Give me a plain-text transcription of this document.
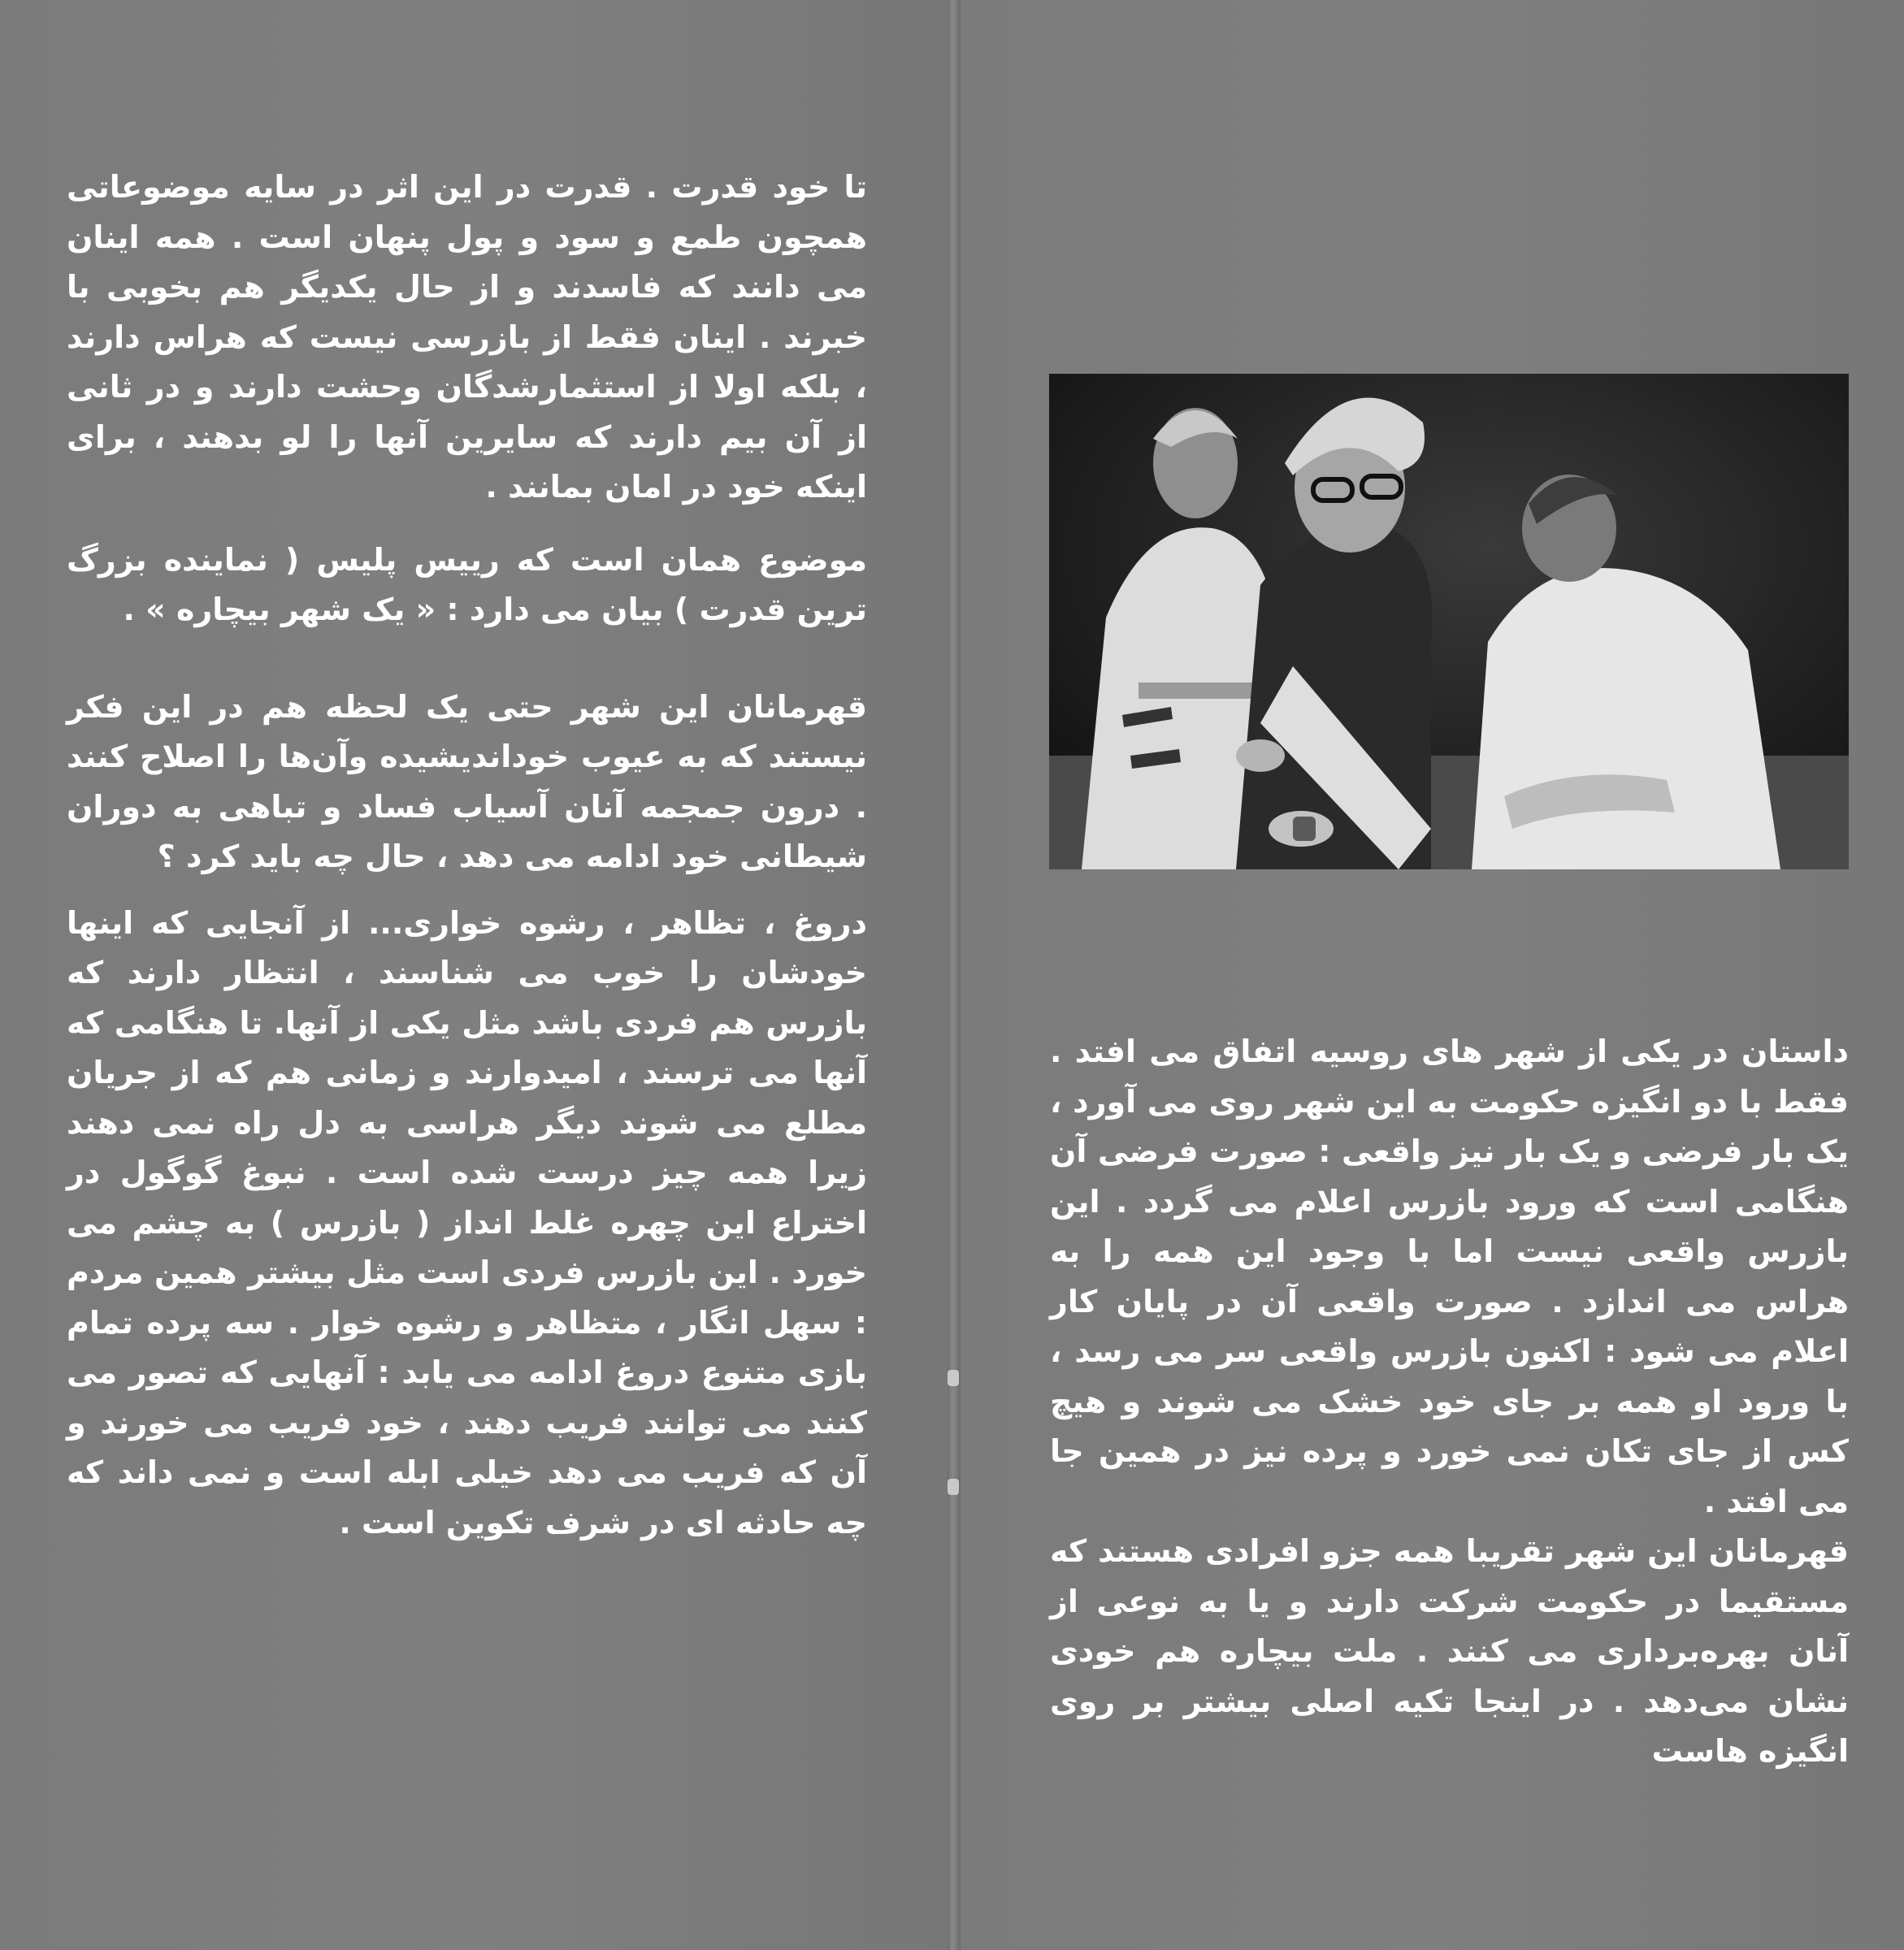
تا خود قدرت . قدرت در این اثر در سایه موضوعاتی همچون طمع و سود و پول پنهان است . همه اینان می دانند که فاسدند و از حال یکدیگر هم بخوبی با خبرند . اینان فقط از بازرسی نیست که هراس دارند ، بلکه اولا از استثمارشدگان وحشت دارند و در ثانی از آن بیم دارند که سایرین آنها را لو بدهند ، برای اینکه خود در امان بمانند .

موضوع همان است که رییس پلیس ( نماینده بزرگ ترین قدرت ) بیان می دارد : « یک شهر بیچاره » .

قهرمانان این شهر حتی یک لحظه هم در این فکر نیستند که به عیوب خوداندیشیده وآن‌ها را اصلاح کنند . درون جمجمه آنان آسیاب فساد و تباهی به دوران شیطانی خود ادامه می دهد ، حال چه باید کرد ؟

دروغ ، تظاهر ، رشوه خواری... از آنجایی که اینها خودشان را خوب می شناسند ، انتظار دارند که بازرس هم فردی باشد مثل یکی از آنها. تا هنگامی که آنها می ترسند ، امیدوارند و زمانی هم که از جریان مطلع می شوند دیگر هراسی به دل راه نمی دهند زیرا همه چیز درست شده است . نبوغ گوگول در اختراع این چهره غلط انداز ( بازرس ) به چشم می خورد . این بازرس فردی است مثل بیشتر همین مردم : سهل انگار ، متظاهر و رشوه خوار . سه پرده تمام بازی متنوع دروغ ادامه می یابد : آنهایی که تصور می کنند می توانند فریب دهند ، خود فریب می خورند و آن که فریب می دهد خیلی ابله است و نمی داند که چه حادثه ای در شرف تکوین است .

داستان در یکی از شهر های روسیه اتفاق می افتد . فقط با دو انگیزه حکومت به این شهر روی می آورد ، یک بار فرضی و یک بار نیز واقعی : صورت فرضی آن هنگامی است که ورود بازرس اعلام می گردد . این بازرس واقعی نیست اما با وجود این همه را به هراس می اندازد . صورت واقعی آن در پایان کار اعلام می شود : اکنون بازرس واقعی سر می رسد ، با ورود او همه بر جای خود خشک می شوند و هیچ کس از جای تکان نمی خورد و پرده نیز در همین جا می افتد .

قهرمانان این شهر تقریبا همه جزو افرادی هستند که مستقیما در حکومت شرکت دارند و یا به نوعی از آنان بهره‌برداری می کنند . ملت بیچاره هم خودی نشان می‌دهد . در اینجا تکیه اصلی بیشتر بر روی انگیزه هاست
